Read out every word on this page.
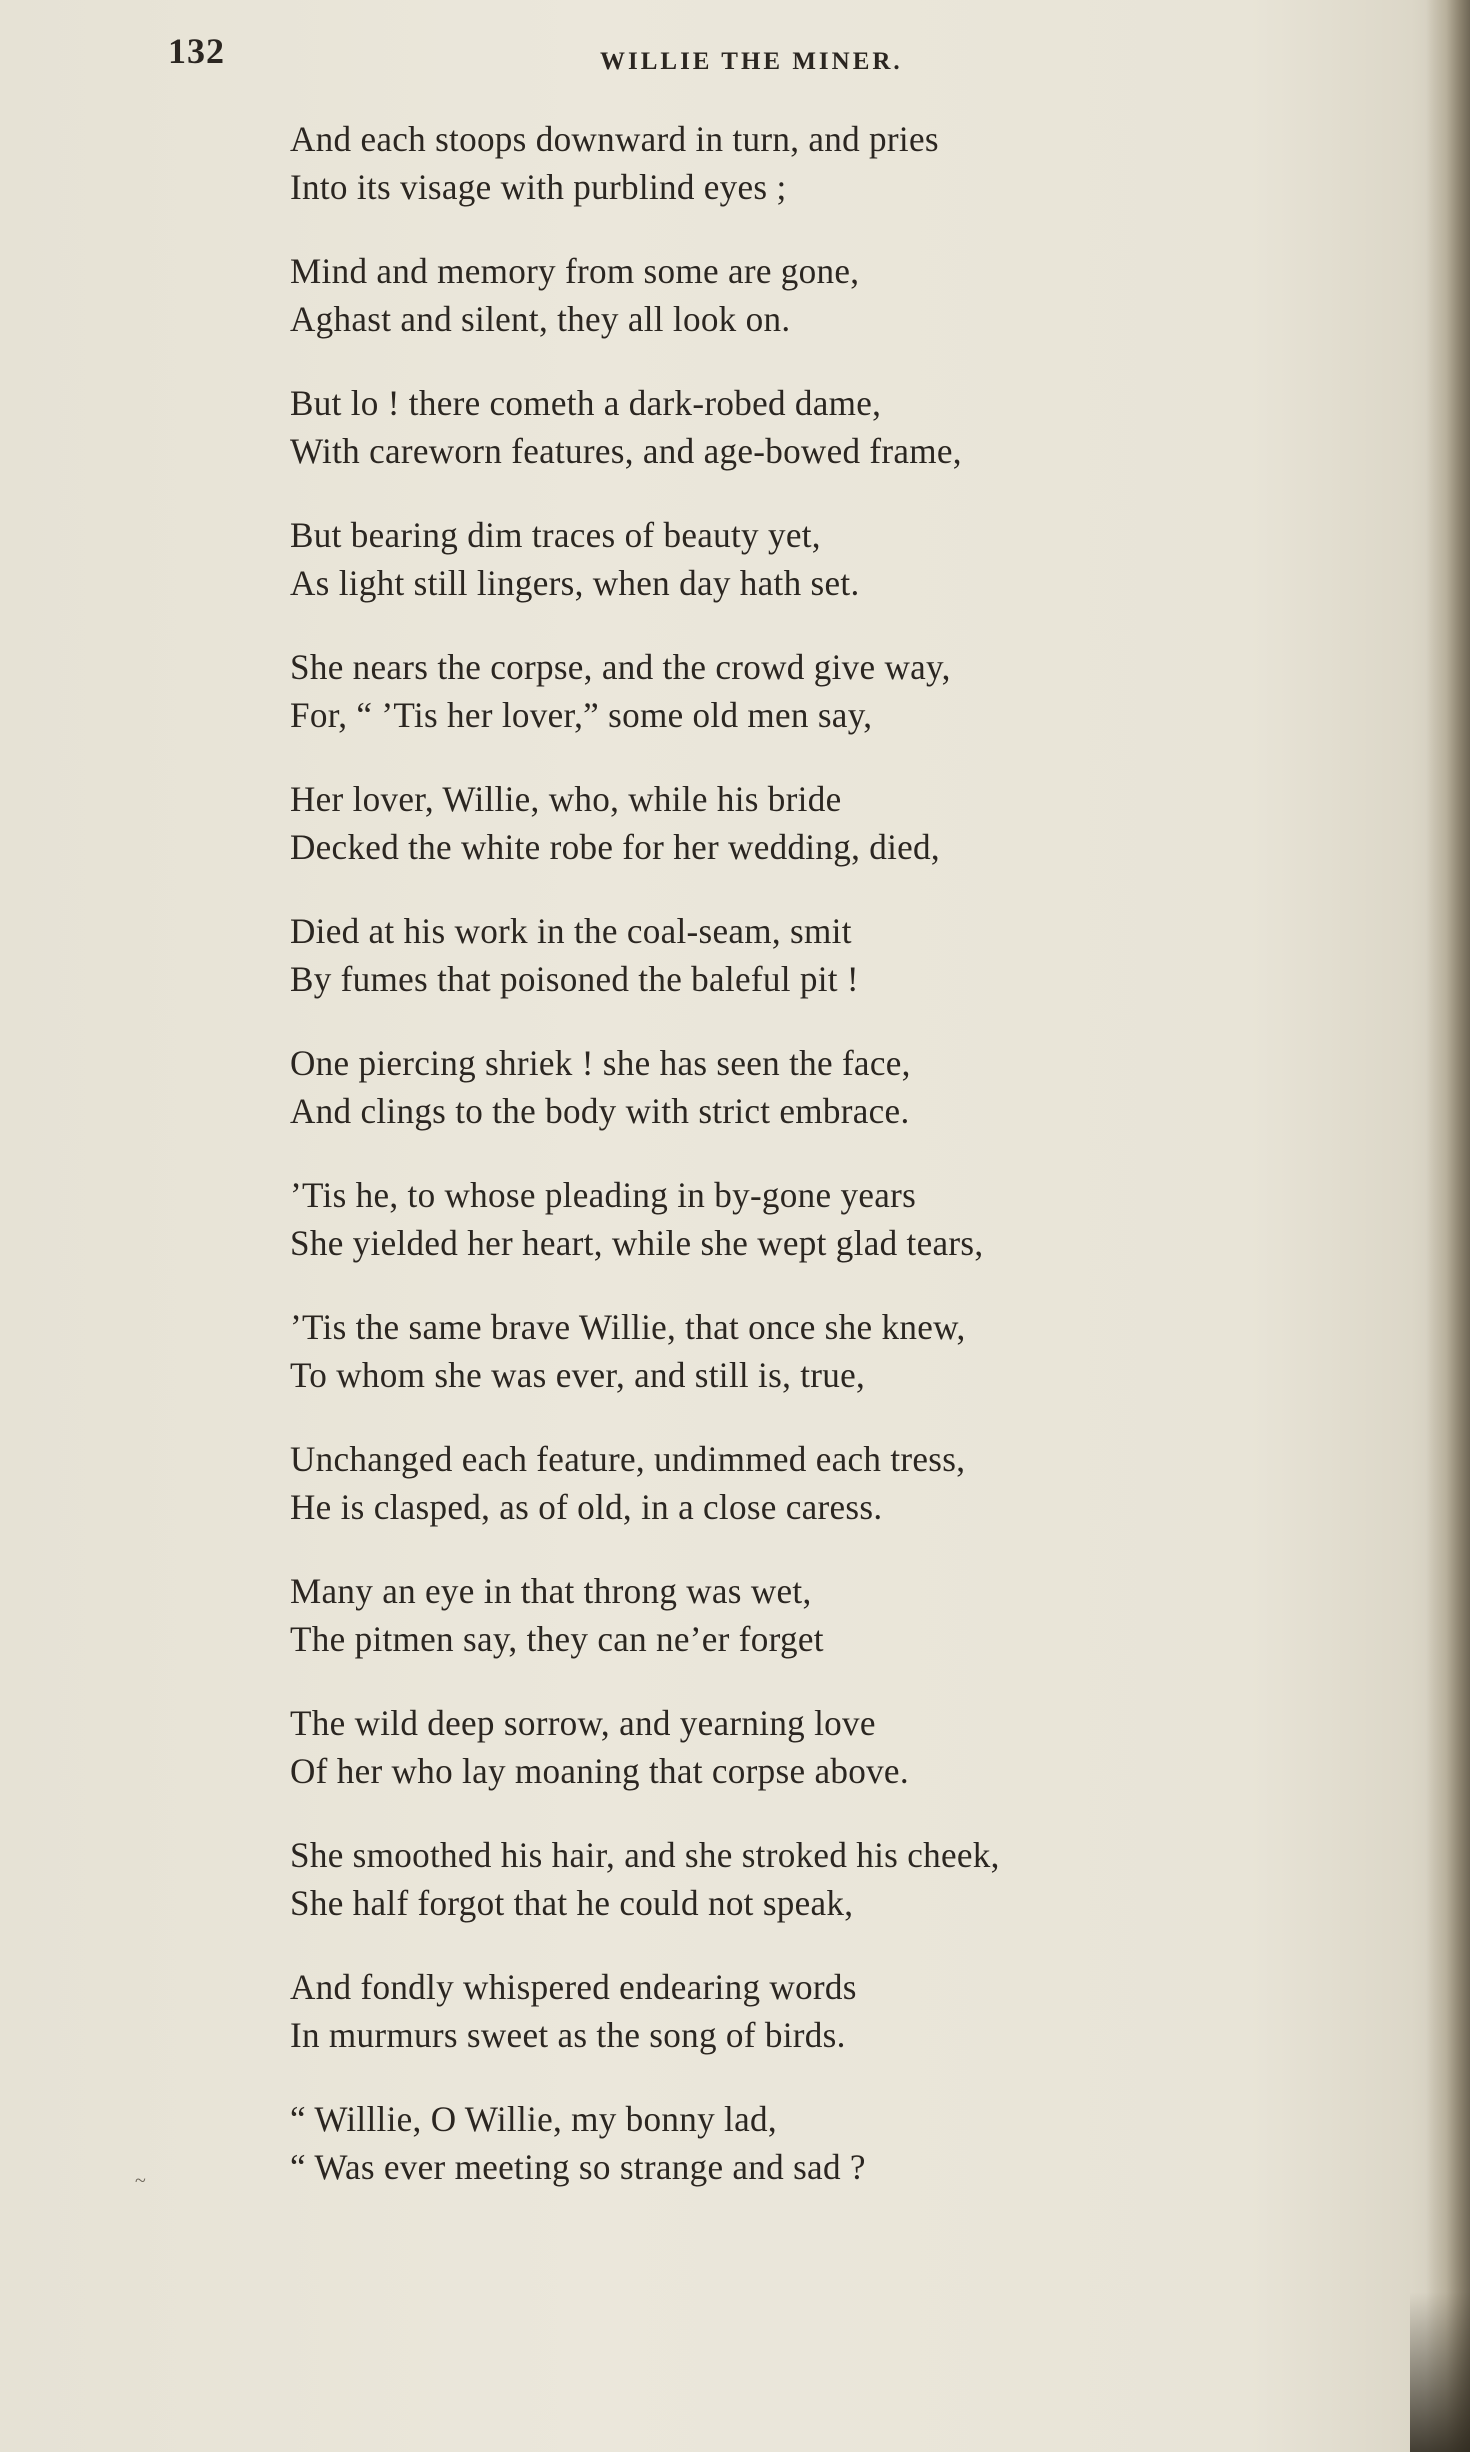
132	WILLIE THE MINER.
And each stoops downward in turn, and pries
Into its visage with purblind eyes ;
Mind and memory from some are gone,
Aghast and silent, they all look on.
But lo ! there cometh a dark-robed dame,
With careworn features, and age-bowed frame,
But bearing dim traces of beauty yet,
As light still lingers, when day hath set.
She nears the corpse, and the crowd give way,
For, “ ’Tis her lover,” some old men say,
Her lover, Willie, who, while his bride
Decked the white robe for her wedding, died,
Died at his work in the coal-seam, smit
By fumes that poisoned the baleful pit !
One piercing shriek ! she has seen the face,
And clings to the body with strict embrace.
’Tis he, to whose pleading in by-gone years
She yielded her heart, while she wept glad tears,
’Tis the same brave Willie, that once she knew,
To whom she was ever, and still is, true,
Unchanged each feature, undimmed each tress,
He is clasped, as of old, in a close caress.
Many an eye in that throng was wet,
The pitmen say, they can ne’er forget
The wild deep sorrow, and yearning love
Of her who lay moaning that corpse above.
She smoothed his hair, and she stroked his cheek,
She half forgot that he could not speak,
And fondly whispered endearing words
In murmurs sweet as the song of birds.
“ Willlie, O Willie, my bonny lad,
“ Was ever meeting so strange and sad ?
~
